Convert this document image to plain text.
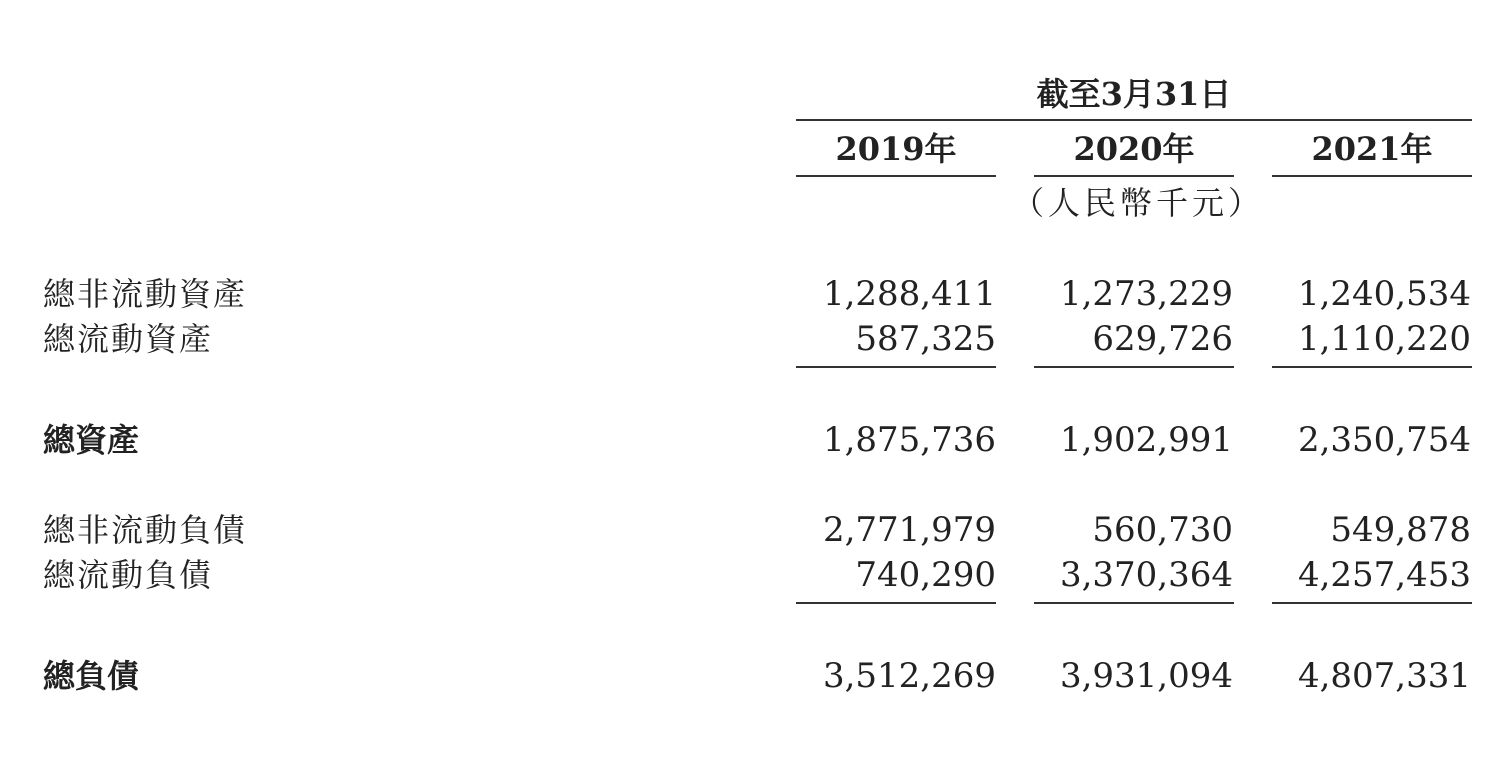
截至3月31日
2019年	2020年	2021年
（人民幣千元）
總非流動資產	1,288,411	1,273,229	1,240,534
總流動資產	587,325	629,726	1,110,220
總資產	1,875,736	1,902,991	2,350,754
總非流動負債	2,771,979	560,730	549,878
總流動負債	740,290	3,370,364	4,257,453
總負債	3,512,269	3,931,094	4,807,331
